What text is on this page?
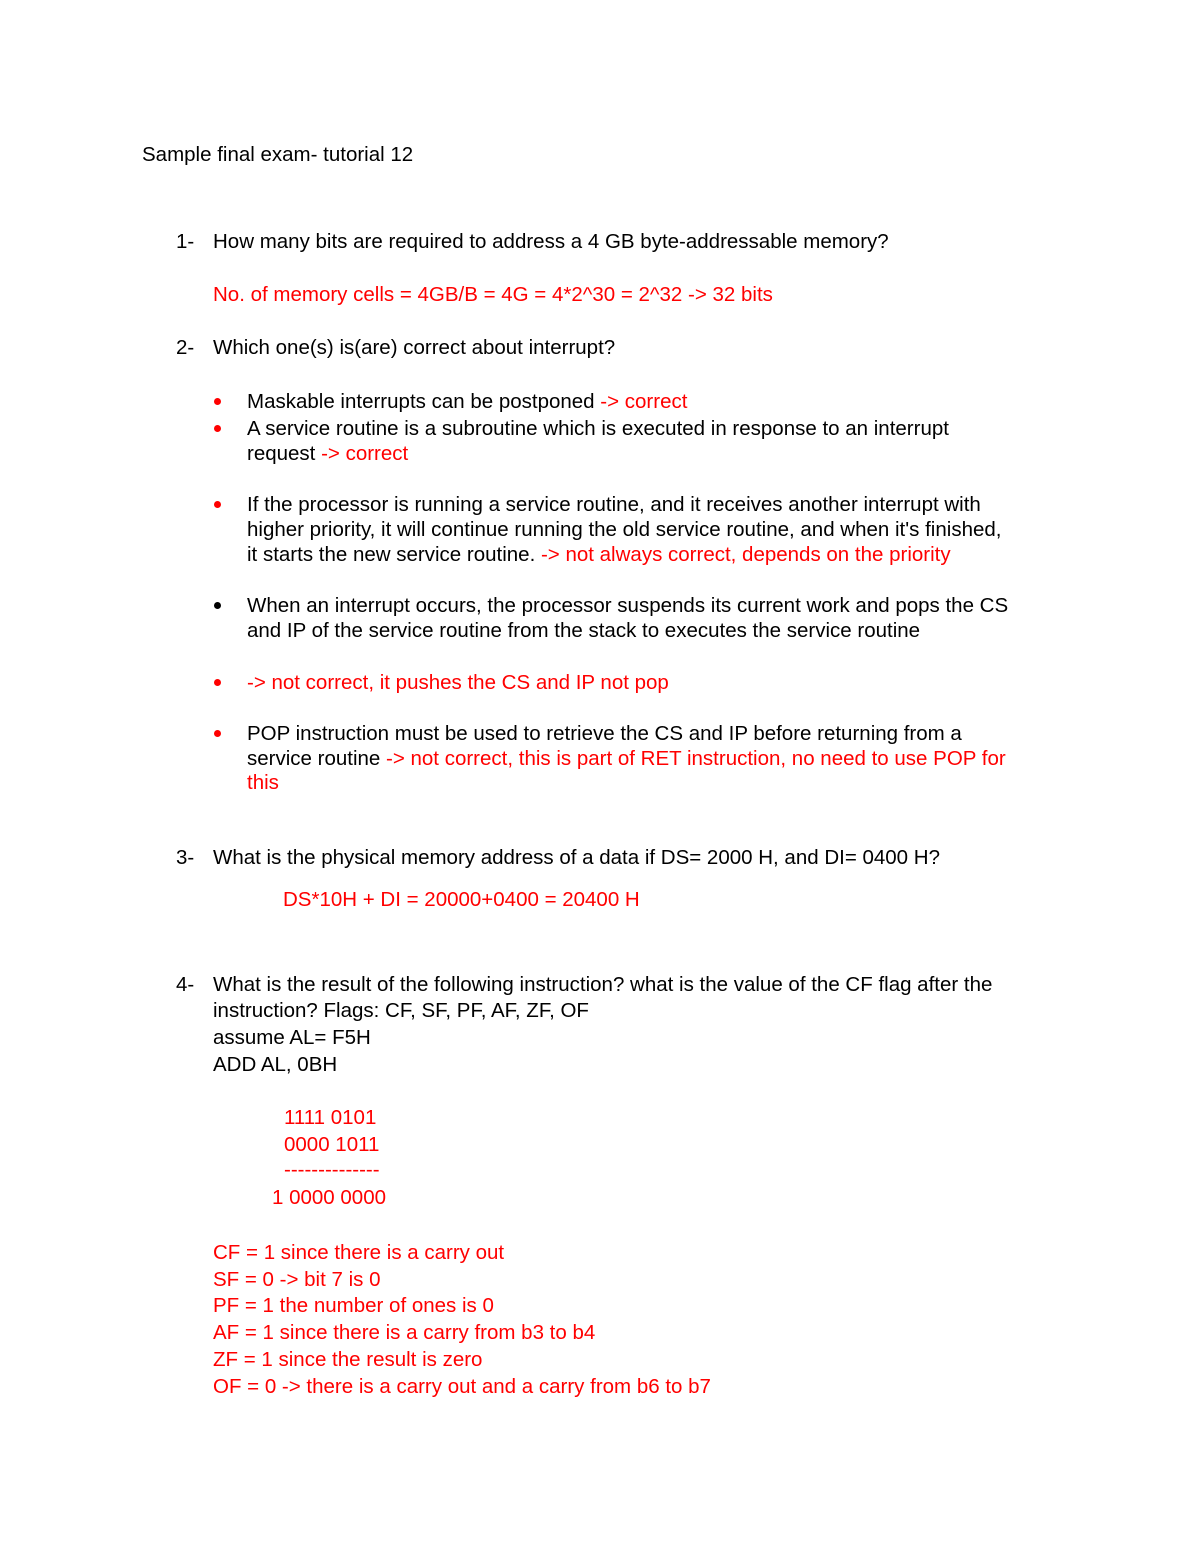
Sample final exam- tutorial 12
1- How many bits are required to address a 4 GB byte-addressable memory?
No. of memory cells = 4GB/B = 4G = 4*2^30 = 2^32 -> 32 bits
2- Which one(s) is(are) correct about interrupt?
Maskable interrupts can be postponed -> correct
A service routine is a subroutine which is executed in response to an interrupt
request -> correct
If the processor is running a service routine, and it receives another interrupt with
higher priority, it will continue running the old service routine, and when it's finished,
it starts the new service routine. -> not always correct, depends on the priority
When an interrupt occurs, the processor suspends its current work and pops the CS
and IP of the service routine from the stack to executes the service routine
-> not correct, it pushes the CS and IP not pop
POP instruction must be used to retrieve the CS and IP before returning from a
service routine -> not correct, this is part of RET instruction, no need to use POP for
this
3- What is the physical memory address of a data if DS= 2000 H, and DI= 0400 H?
DS*10H + DI = 20000+0400 = 20400 H
4- What is the result of the following instruction? what is the value of the CF flag after the
instruction? Flags: CF, SF, PF, AF, ZF, OF
assume AL= F5H
ADD AL, 0BH
1111 0101
0000 1011
--------------
1 0000 0000
CF = 1 since there is a carry out
SF = 0 -> bit 7 is 0
PF = 1 the number of ones is 0
AF = 1 since there is a carry from b3 to b4
ZF = 1 since the result is zero
OF = 0 -> there is a carry out and a carry from b6 to b7
